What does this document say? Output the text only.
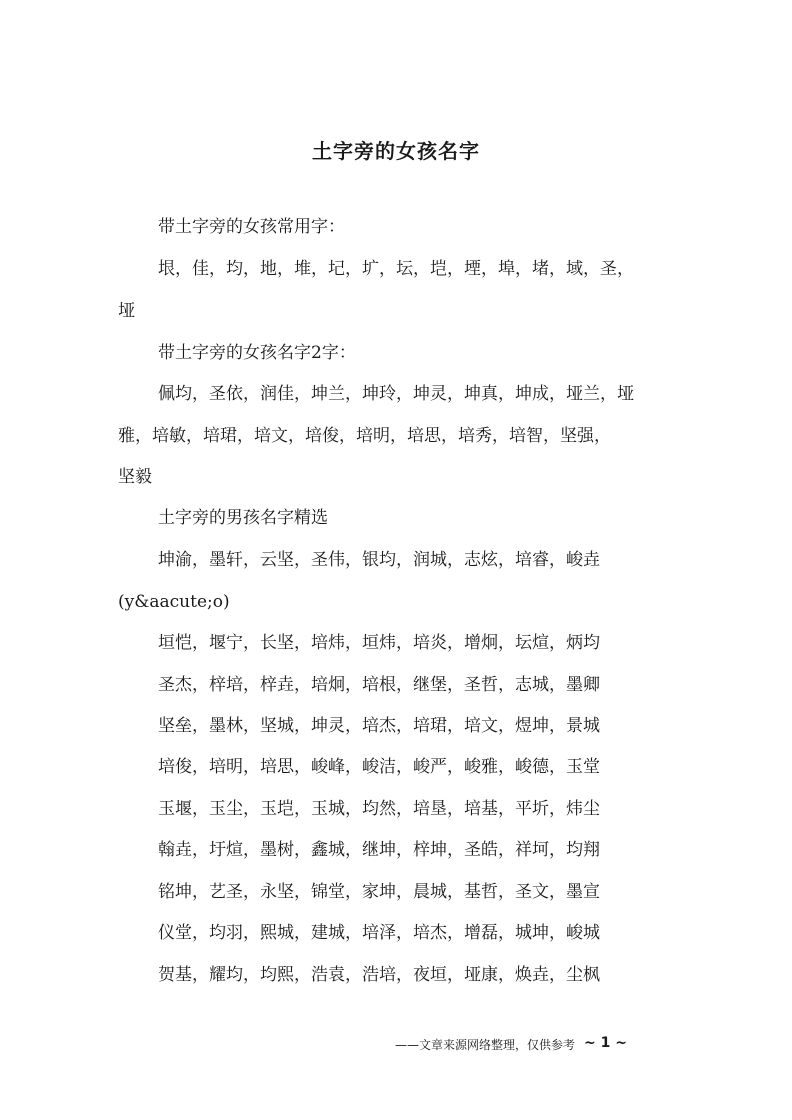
土字旁的女孩名字
带土字旁的女孩常用字：
垠，佳，均，地，堆，圮，圹，坛，垲，堙，埠，堵，域，圣，
垭
带土字旁的女孩名字2字：
佩均，圣依，润佳，坤兰，坤玲，坤灵，坤真，坤成，垭兰，垭
雅，培敏，培珺，培文，培俊，培明，培思，培秀，培智，坚强，
坚毅
土字旁的男孩名字精选
坤渝，墨轩，云坚，圣伟，银均，润城，志炫，培睿，峻垚
(y&aacute;o)
垣恺，堰宁，长坚，培炜，垣炜，培炎，增炯，坛煊，炳均
圣杰，梓培，梓垚，培炯，培根，继堡，圣哲，志城，墨卿
坚垒，墨林，坚城，坤灵，培杰，培珺，培文，煜坤，景城
培俊，培明，培思，峻峰，峻洁，峻严，峻雅，峻德，玉堂
玉堰，玉尘，玉垲，玉城，均然，培垦，培基，平圻，炜尘
翰垚，圩煊，墨树，鑫城，继坤，梓坤，圣皓，祥坷，均翔
铭坤，艺圣，永坚，锦堂，家坤，晨城，基哲，圣文，墨宣
仪堂，均羽，熙城，建城，培泽，培杰，增磊，城坤，峻城
贺基，耀均，均熙，浩袁，浩培，夜垣，垭康，焕垚，尘枫
——文章来源网络整理，仅供参考 ~ 1 ~
